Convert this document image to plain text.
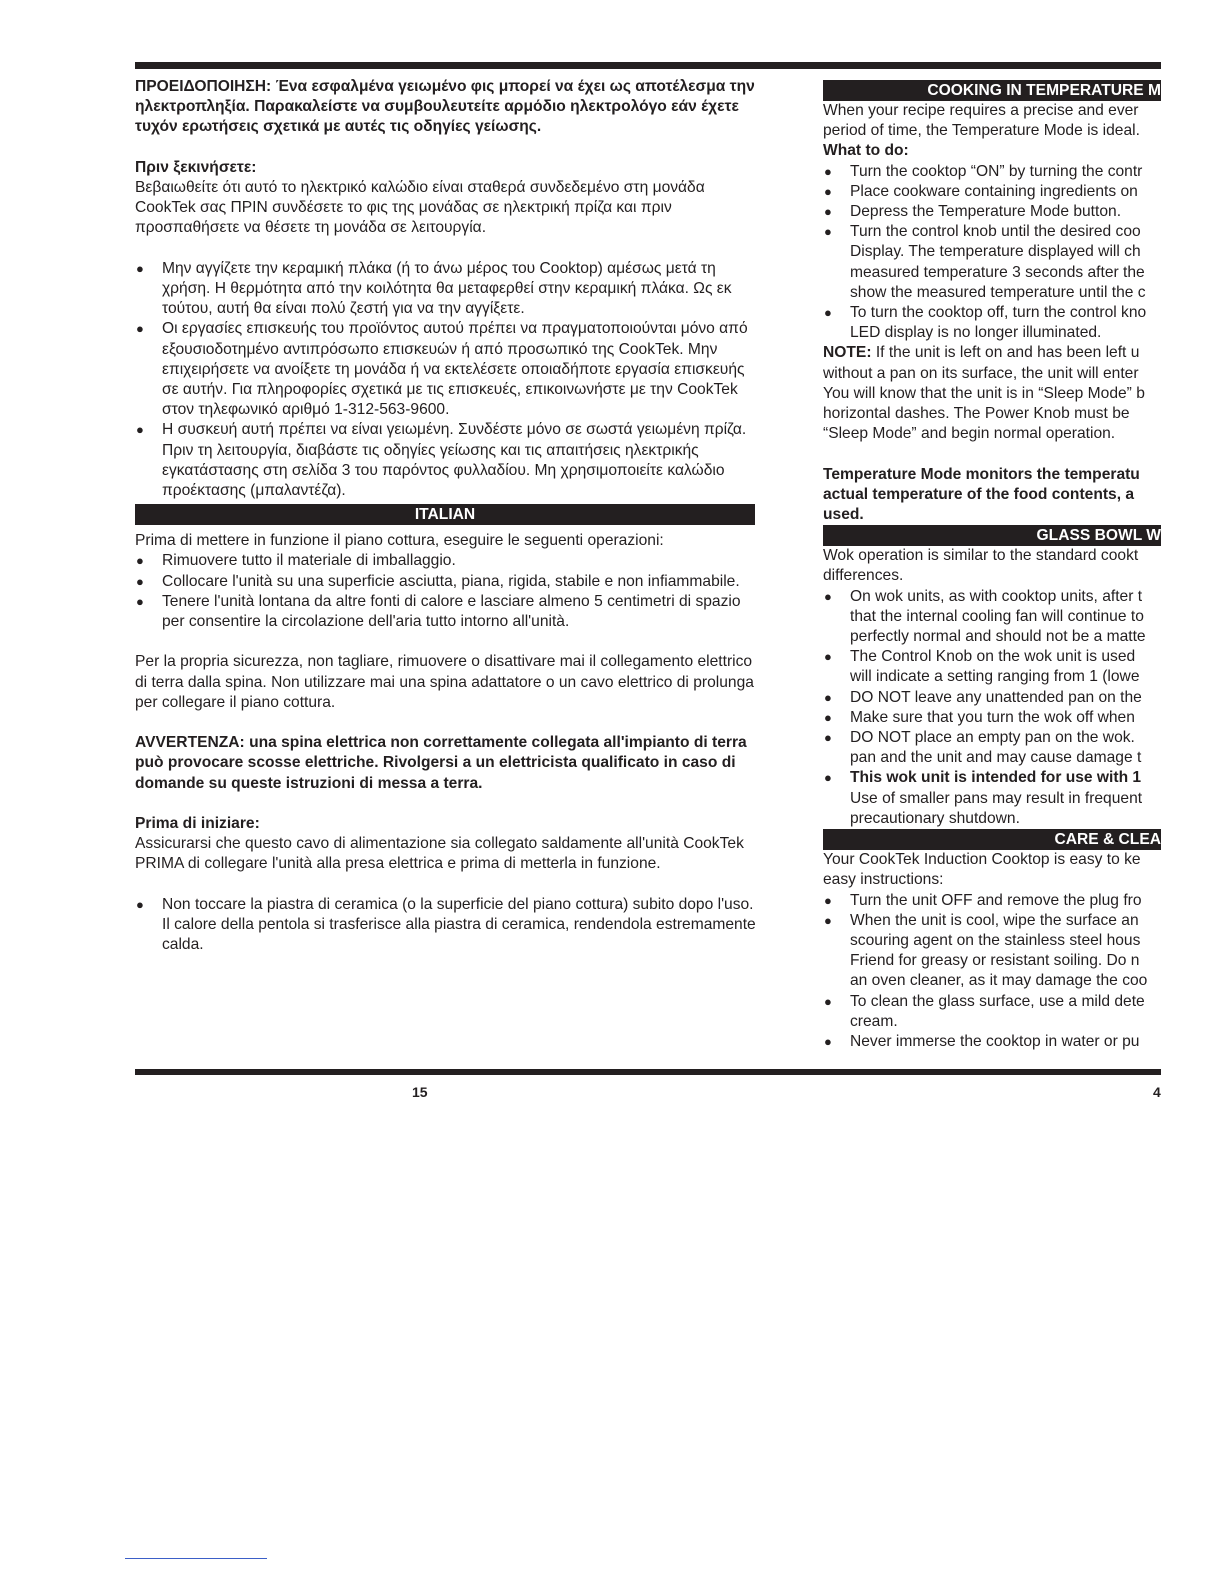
ΠΡΟΕΙΔΟΠΟΙΗΣΗ: Ένα εσφαλμένα γειωμένο φις μπορεί να έχει ως αποτέλεσμα την ηλεκτροπληξία. Παρακαλείστε να συμβουλευτείτε αρμόδιο ηλεκτρολόγο εάν έχετε τυχόν ερωτήσεις σχετικά με αυτές τις οδηγίες γείωσης.

Πριν ξεκινήσετε:

Βεβαιωθείτε ότι αυτό το ηλεκτρικό καλώδιο είναι σταθερά συνδεδεμένο στη μονάδα CookTek σας ΠΡΙΝ συνδέσετε το φις της μονάδας σε ηλεκτρική πρίζα και πριν προσπαθήσετε να θέσετε τη μονάδα σε λειτουργία.

● Μην αγγίζετε την κεραμική πλάκα (ή το άνω μέρος του Cooktop) αμέσως μετά τη χρήση. Η θερμότητα από την κοιλότητα θα μεταφερθεί στην κεραμική πλάκα. Ως εκ τούτου, αυτή θα είναι πολύ ζεστή για να την αγγίξετε.
● Οι εργασίες επισκευής του προϊόντος αυτού πρέπει να πραγματοποιούνται μόνο από εξουσιοδοτημένο αντιπρόσωπο επισκευών ή από προσωπικό της CookTek. Μην επιχειρήσετε να ανοίξετε τη μονάδα ή να εκτελέσετε οποιαδήποτε εργασία επισκευής σε αυτήν. Για πληροφορίες σχετικά με τις επισκευές, επικοινωνήστε με την CookTek στον τηλεφωνικό αριθμό 1-312-563-9600.
● Η συσκευή αυτή πρέπει να είναι γειωμένη. Συνδέστε μόνο σε σωστά γειωμένη πρίζα. Πριν τη λειτουργία, διαβάστε τις οδηγίες γείωσης και τις απαιτήσεις ηλεκτρικής εγκατάστασης στη σελίδα 3 του παρόντος φυλλαδίου. Μη χρησιμοποιείτε καλώδιο προέκτασης (μπαλαντέζα).
ITALIAN

Prima di mettere in funzione il piano cottura, eseguire le seguenti operazioni:

● Rimuovere tutto il materiale di imballaggio.
● Collocare l'unità su una superficie asciutta, piana, rigida, stabile e non infiammabile.
● Tenere l'unità lontana da altre fonti di calore e lasciare almeno 5 centimetri di spazio per consentire la circolazione dell'aria tutto intorno all'unità.

Per la propria sicurezza, non tagliare, rimuovere o disattivare mai il collegamento elettrico di terra dalla spina. Non utilizzare mai una spina adattatore o un cavo elettrico di prolunga per collegare il piano cottura.

AVVERTENZA: una spina elettrica non correttamente collegata all'impianto di terra può provocare scosse elettriche. Rivolgersi a un elettricista qualificato in caso di domande su queste istruzioni di messa a terra.

Prima di iniziare:

Assicurarsi che questo cavo di alimentazione sia collegato saldamente all'unità CookTek PRIMA di collegare l'unità alla presa elettrica e prima di metterla in funzione.

● Non toccare la piastra di ceramica (o la superficie del piano cottura) subito dopo l'uso. Il calore della pentola si trasferisce alla piastra di ceramica, rendendola estremamente calda.
COOKING IN TEMPERATURE M

When your recipe requires a precise and ever

period of time, the Temperature Mode is ideal.

What to do:

● Turn the cooktop “ON” by turning the contr
● Place cookware containing ingredients on
● Depress the Temperature Mode button.
● Turn the control knob until the desired coo
Display. The temperature displayed will ch
measured temperature 3 seconds after the
show the measured temperature until the c
● To turn the cooktop off, turn the control kno
LED display is no longer illuminated.

NOTE: If the unit is left on and has been left u
without a pan on its surface, the unit will enter
You will know that the unit is in “Sleep Mode” b
horizontal dashes. The Power Knob must be
“Sleep Mode” and begin normal operation.

Temperature Mode monitors the temperatu
actual temperature of the food contents, a
used.

GLASS BOWL W

Wok operation is similar to the standard cookt
differences.

● On wok units, as with cooktop units, after t
that the internal cooling fan will continue to
perfectly normal and should not be a matte
● The Control Knob on the wok unit is used
will indicate a setting ranging from 1 (lowe
● DO NOT leave any unattended pan on the
● Make sure that you turn the wok off when
● DO NOT place an empty pan on the wok.
pan and the unit and may cause damage t
● This wok unit is intended for use with 1
Use of smaller pans may result in frequent
precautionary shutdown.
CARE & CLEA

Your CookTek Induction Cooktop is easy to ke
easy instructions:

● Turn the unit OFF and remove the plug fro
● When the unit is cool, wipe the surface an
scouring agent on the stainless steel hous
Friend for greasy or resistant soiling. Do n
an oven cleaner, as it may damage the coo
● To clean the glass surface, use a mild dete
cream.
● Never immerse the cooktop in water or pu
15	4
